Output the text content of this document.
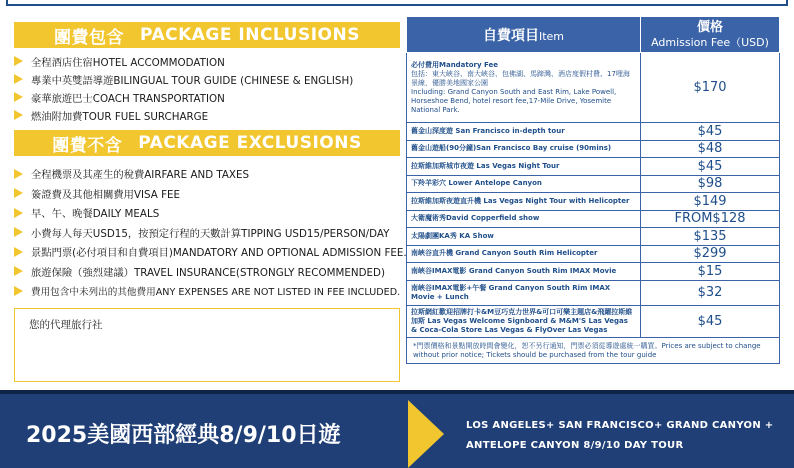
團費包含 PACKAGE INCLUSIONS
全程酒店住宿HOTEL ACCOMMODATION
專業中英雙語導遊BILINGUAL TOUR GUIDE (CHINESE & ENGLISH)
豪華旅遊巴士COACH TRANSPORTATION
燃油附加費TOUR FUEL SURCHARGE
團費不含 PACKAGE EXCLUSIONS
全程機票及其產生的稅費AIRFARE AND TAXES
簽證費及其他相關費用VISA FEE
早、午、晚餐DAILY MEALS
小費每人每天USD15，按預定行程的天數計算TIPPING USD15/PERSON/DAY
景點門票(必付項目和自費項目)MANDATORY AND OPTIONAL ADMISSION FEE.
旅遊保險（強烈建議）TRAVEL INSURANCE(STRONGLY RECOMMENDED)
費用包含中未列出的其他費用ANY EXPENSES ARE NOT LISTED IN FEE INCLUDED.
您的代理旅行社
自費項目Item	價格
Admission Fee（USD)

必付費用Mandatory Fee
包括：東大峽谷、南大峽谷、包佛湖、馬蹄灣、酒店度假村費、17哩海景線，優勝美地國家公園
Including: Grand Canyon South and East Rim, Lake Powell, Horseshoe Bend, hotel resort fee,17-Mile Drive, Yosemite National Park.	$170
舊金山深度遊 San Francisco in-depth tour	$45
舊金山遊船(90分鐘)San Francisco Bay cruise (90mins)	$48
拉斯維加斯城市夜遊 Las Vegas Night Tour	$45
下羚羊彩穴 Lower Antelope Canyon	$98
拉斯維加斯夜遊直升機 Las Vegas Night Tour with Helicopter	$149
大衛魔術秀David Copperfield show	FROM$128
太陽劇團KA秀 KA Show	$135
南峽谷直升機 Grand Canyon South Rim Helicopter	$299
南峽谷IMAX電影 Grand Canyon South Rim IMAX Movie	$15
南峽谷IMAX電影+午餐 Grand Canyon South Rim IMAX Movie + Lunch	$32
拉斯網紅歡迎招牌打卡&M豆巧克力世界&可口可樂主題店&飛躍拉斯維加斯 Las Vegas Welcome Signboard & M&M'S Las Vegas & Coca-Cola Store Las Vegas & FlyOver Las Vegas	$45
*門票價格和景點開放時間會變化，恕不另行通知，門票必須從導遊處統一購買。Prices are subject to change without prior notice; Tickets should be purchased from the tour guide
2025美國西部經典8/9/10日遊	LOS ANGELES+ SAN FRANCISCO+ GRAND CANYON + ANTELOPE CANYON 8/9/10 DAY TOUR
